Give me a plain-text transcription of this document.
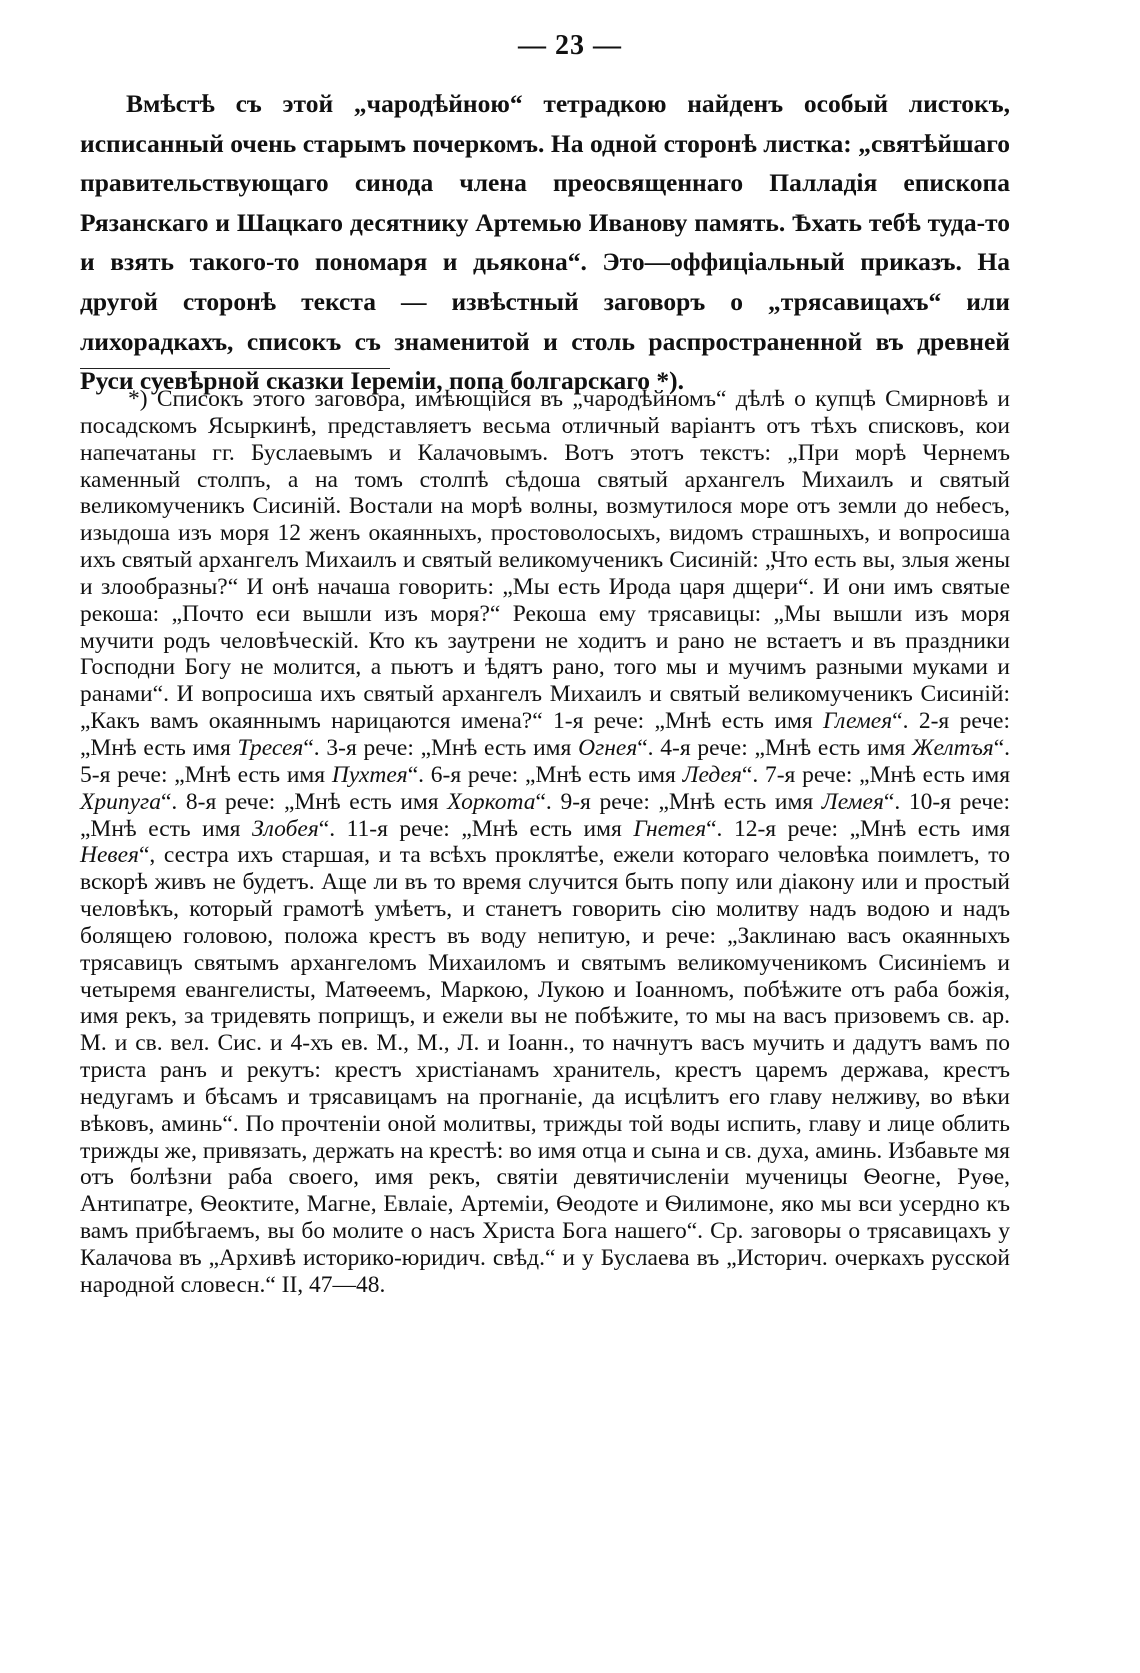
— 23 —

Вмѣстѣ съ этой „чародѣйною“ тетрадкою найденъ особый листокъ, исписанный очень старымъ почеркомъ. На одной сторонѣ листка: „святѣйшаго правительствующаго синода члена преосвященнаго Палладія епископа Рязанскаго и Шацкаго десятнику Артемью Иванову память. Ѣхать тебѣ туда-то и взять такого-то пономаря и дьякона“. Это—оффиціальный приказъ. На другой сторонѣ текста — извѣстный заговоръ о „трясавицахъ“ или лихорадкахъ, списокъ съ знаменитой и столь распространенной въ древней Руси суевѣрной сказки Іереміи, попа болгарскаго *).

*) Списокъ этого заговора, имѣющійся въ „чародѣйномъ“ дѣлѣ о купцѣ Смирновѣ и посадскомъ Ясыркинѣ, представляетъ весьма отличный варіантъ отъ тѣхъ списковъ, кои напечатаны гг. Буслаевымъ и Калачовымъ. Вотъ этотъ текстъ: „При морѣ Чернемъ каменный столпъ, а на томъ столпѣ сѣдоша святый архангелъ Михаилъ и святый великомученикъ Сисиній. Востали на морѣ волны, возмутилося море отъ земли до небесъ, изыдоша изъ моря 12 женъ окаянныхъ, простоволосыхъ, видомъ страшныхъ, и вопросиша ихъ святый архангелъ Михаилъ и святый великомученикъ Сисиній: „Что есть вы, злыя жены и злообразны?“ И онѣ начаша говорить: „Мы есть Ирода царя дщери“. И они имъ святые рекоша: „Почто еси вышли изъ моря?“ Рекоша ему трясавицы: „Мы вышли изъ моря мучити родъ человѣческій. Кто къ заутрени не ходитъ и рано не встаетъ и въ праздники Господни Богу не молится, а пьютъ и ѣдятъ рано, того мы и мучимъ разными муками и ранами“. И вопросиша ихъ святый архангелъ Михаилъ и святый великомученикъ Сисиній: „Какъ вамъ окаяннымъ нарицаются имена?“ 1-я рече: „Мнѣ есть имя Глемея“. 2-я рече: „Мнѣ есть имя Тресея“. 3-я рече: „Мнѣ есть имя Огнея“. 4-я рече: „Мнѣ есть имя Желтъя“. 5-я рече: „Мнѣ есть имя Пухтея“. 6-я рече: „Мнѣ есть имя Ледея“. 7-я рече: „Мнѣ есть имя Хрипуга“. 8-я рече: „Мнѣ есть имя Хоркота“. 9-я рече: „Мнѣ есть имя Лемея“. 10-я рече: „Мнѣ есть имя Злобея“. 11-я рече: „Мнѣ есть имя Гнетея“. 12-я рече: „Мнѣ есть имя Невея“, сестра ихъ старшая, и та всѣхъ проклятѣе, ежели котораго человѣка поимлетъ, то вскорѣ живъ не будетъ. Аще ли въ то время случится быть попу или діакону или и простый человѣкъ, который грамотѣ умѣетъ, и станетъ говорить сію молитву надъ водою и надъ болящею головою, положа крестъ въ воду непитую, и рече: „Заклинаю васъ окаянныхъ трясавицъ святымъ архангеломъ Михаиломъ и святымъ великомученикомъ Сисиніемъ и четыремя евангелисты, Матѳеемъ, Маркою, Лукою и Іоанномъ, побѣжите отъ раба божія, имя рекъ, за тридевять поприщъ, и ежели вы не побѣжите, то мы на васъ призовемъ св. ар. М. и св. вел. Сис. и 4-хъ ев. М., М., Л. и Іоанн., то начнутъ васъ мучить и дадутъ вамъ по триста ранъ и рекутъ: крестъ христіанамъ хранитель, крестъ царемъ держава, крестъ недугамъ и бѣсамъ и трясавицамъ на прогнаніе, да исцѣлитъ его главу нелживу, во вѣки вѣковъ, аминь“. По прочтеніи оной молитвы, трижды той воды испить, главу и лице облить трижды же, привязать, держать на крестѣ: во имя отца и сына и св. духа, аминь. Избавьте мя отъ болѣзни раба своего, имя рекъ, святіи девятичисленіи мученицы Ѳеогне, Руѳе, Антипатре, Ѳеоктите, Магне, Евлаіе, Артеміи, Ѳеодоте и Ѳилимоне, яко мы вси усердно къ вамъ прибѣгаемъ, вы бо молите о насъ Христа Бога нашего“. Ср. заговоры о трясавицахъ у Калачова въ „Архивѣ историко-юридич. свѣд.“ и у Буслаева въ „Историч. очеркахъ русской народной словесн.“ II, 47—48.
